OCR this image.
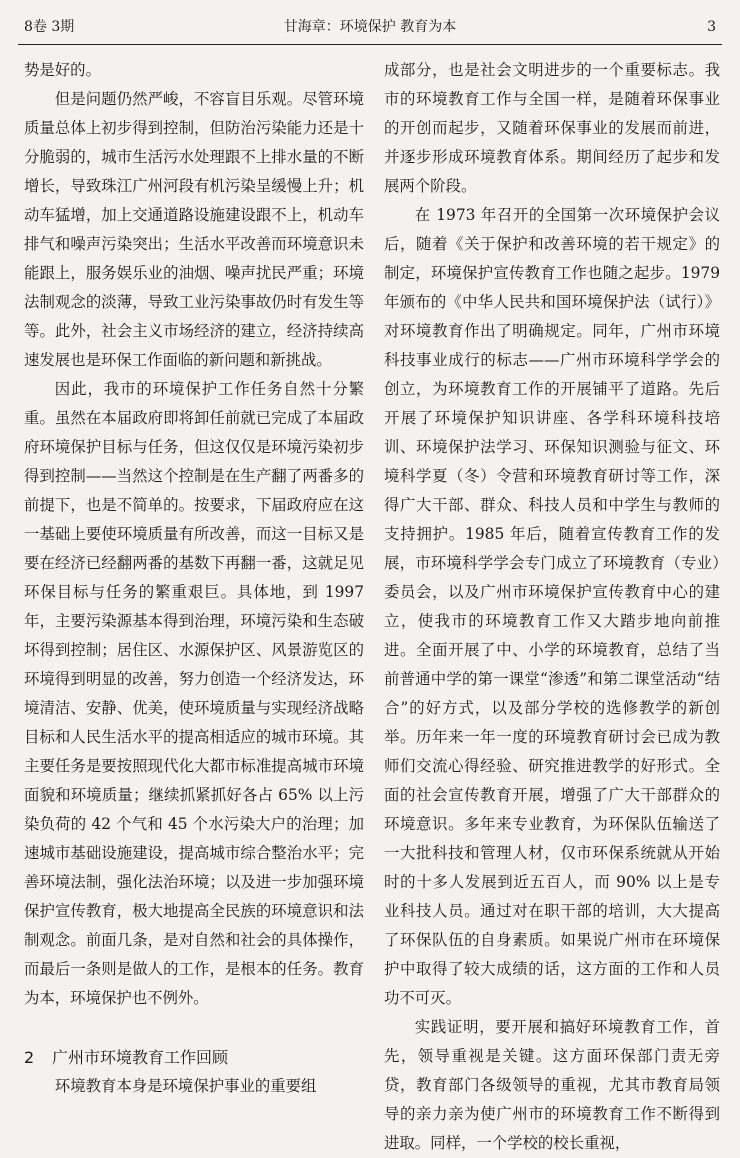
8卷 3期	甘海章：环境保护 教育为本	3

势是好的。

但是问题仍然严峻，不容盲目乐观。尽管环境质量总体上初步得到控制，但防治污染能力还是十分脆弱的，城市生活污水处理跟不上排水量的不断增长，导致珠江广州河段有机污染呈缓慢上升；机动车猛增，加上交通道路设施建设跟不上，机动车排气和噪声污染突出；生活水平改善而环境意识未能跟上，服务娱乐业的油烟、噪声扰民严重；环境法制观念的淡薄，导致工业污染事故仍时有发生等等。此外，社会主义市场经济的建立，经济持续高速发展也是环保工作面临的新问题和新挑战。

因此，我市的环境保护工作任务自然十分繁重。虽然在本届政府即将卸任前就已完成了本届政府环境保护目标与任务，但这仅仅是环境污染初步得到控制——当然这个控制是在生产翻了两番多的前提下，也是不简单的。按要求，下届政府应在这一基础上要使环境质量有所改善，而这一目标又是要在经济已经翻两番的基数下再翻一番，这就足见环保目标与任务的繁重艰巨。具体地，到 1997 年，主要污染源基本得到治理，环境污染和生态破坏得到控制；居住区、水源保护区、风景游览区的环境得到明显的改善，努力创造一个经济发达，环境清洁、安静、优美，使环境质量与实现经济战略目标和人民生活水平的提高相适应的城市环境。其主要任务是要按照现代化大都市标准提高城市环境面貌和环境质量；继续抓紧抓好各占 65% 以上污染负荷的 42 个气和 45 个水污染大户的治理；加速城市基础设施建设，提高城市综合整治水平；完善环境法制，强化法治环境；以及进一步加强环境保护宣传教育，极大地提高全民族的环境意识和法制观念。前面几条，是对自然和社会的具体操作，而最后一条则是做人的工作，是根本的任务。教育为本，环境保护也不例外。

2 广州市环境教育工作回顾

环境教育本身是环境保护事业的重要组

成部分，也是社会文明进步的一个重要标志。我市的环境教育工作与全国一样，是随着环保事业的开创而起步，又随着环保事业的发展而前进，并逐步形成环境教育体系。期间经历了起步和发展两个阶段。

在 1973 年召开的全国第一次环境保护会议后，随着《关于保护和改善环境的若干规定》的制定，环境保护宣传教育工作也随之起步。1979 年颁布的《中华人民共和国环境保护法（试行）》对环境教育作出了明确规定。同年，广州市环境科技事业成行的标志——广州市环境科学学会的创立，为环境教育工作的开展铺平了道路。先后开展了环境保护知识讲座、各学科环境科技培训、环境保护法学习、环保知识测验与征文、环境科学夏（冬）令营和环境教育研讨等工作，深得广大干部、群众、科技人员和中学生与教师的支持拥护。1985 年后，随着宣传教育工作的发展，市环境科学学会专门成立了环境教育（专业）委员会，以及广州市环境保护宣传教育中心的建立，使我市的环境教育工作又大踏步地向前推进。全面开展了中、小学的环境教育，总结了当前普通中学的第一课堂“渗透”和第二课堂活动“结合”的好方式，以及部分学校的选修教学的新创举。历年来一年一度的环境教育研讨会已成为教师们交流心得经验、研究推进教学的好形式。全面的社会宣传教育开展，增强了广大干部群众的环境意识。多年来专业教育，为环保队伍输送了一大批科技和管理人材，仅市环保系统就从开始时的十多人发展到近五百人，而 90% 以上是专业科技人员。通过对在职干部的培训，大大提高了环保队伍的自身素质。如果说广州市在环境保护中取得了较大成绩的话，这方面的工作和人员功不可灭。

实践证明，要开展和搞好环境教育工作，首先，领导重视是关键。这方面环保部门责无旁贷，教育部门各级领导的重视，尤其市教育局领导的亲力亲为使广州市的环境教育工作不断得到进取。同样，一个学校的校长重视，
